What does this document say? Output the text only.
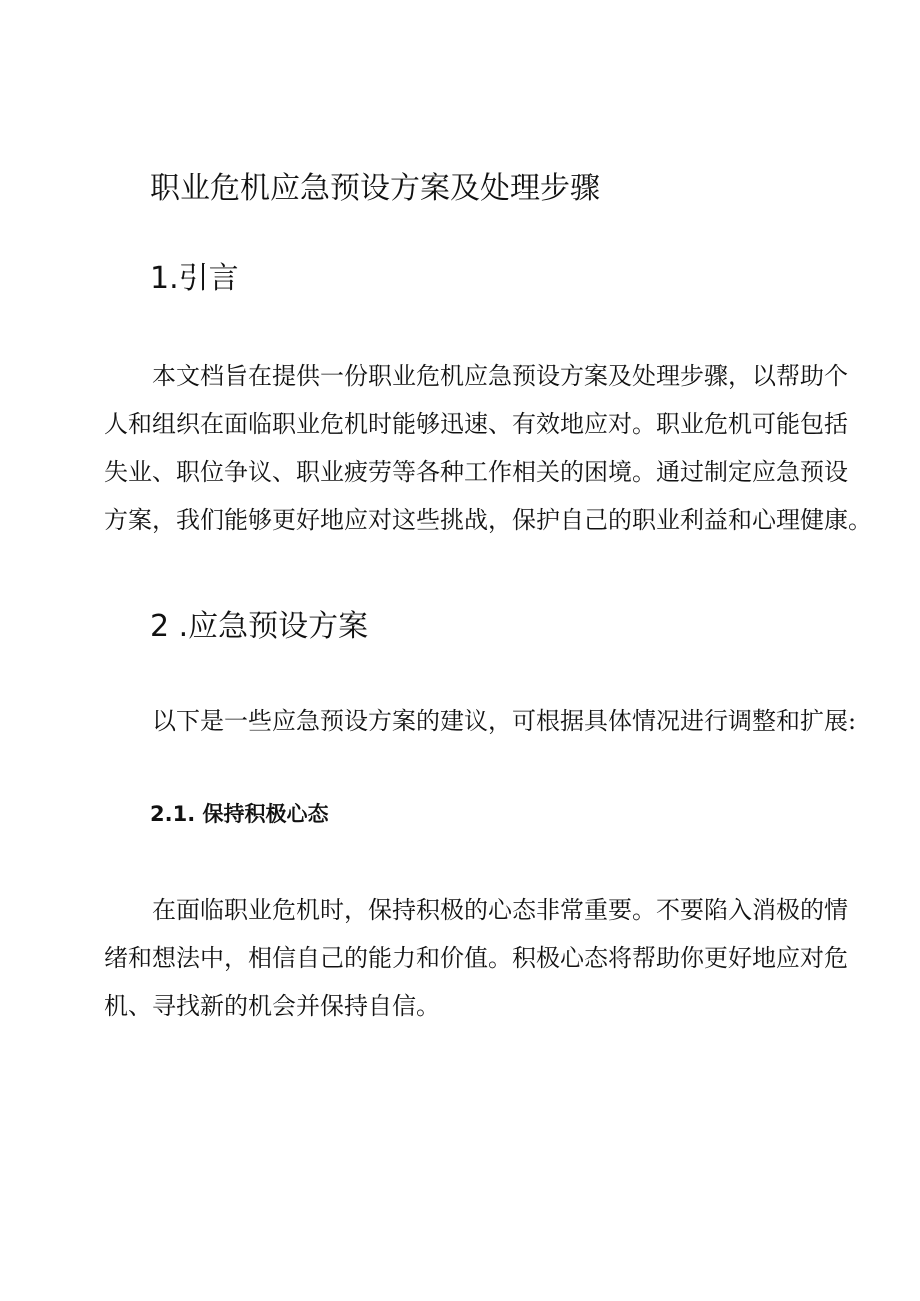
职业危机应急预设方案及处理步骤
1.引言

本文档旨在提供一份职业危机应急预设方案及处理步骤，以帮助个
人和组织在面临职业危机时能够迅速、有效地应对。职业危机可能包括
失业、职位争议、职业疲劳等各种工作相关的困境。通过制定应急预设
方案，我们能够更好地应对这些挑战，保护自己的职业利益和心理健康。

2 .应急预设方案

以下是一些应急预设方案的建议，可根据具体情况进行调整和扩展:

2.1. 保持积极心态

在面临职业危机时，保持积极的心态非常重要。不要陷入消极的情
绪和想法中，相信自己的能力和价值。积极心态将帮助你更好地应对危
机、寻找新的机会并保持自信。
